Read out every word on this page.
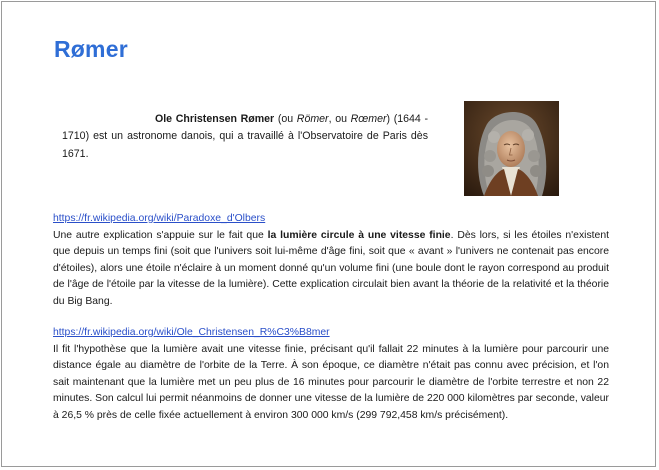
Rømer

Ole Christensen Rømer (ou Römer, ou Rœmer) (1644 - 1710) est un astronome danois, qui a travaillé à l'Observatoire de Paris dès 1671.

https://fr.wikipedia.org/wiki/Paradoxe_d'Olbers

Une autre explication s'appuie sur le fait que la lumière circule à une vitesse finie. Dès lors, si les étoiles n'existent que depuis un temps fini (soit que l'univers soit lui-même d'âge fini, soit que « avant » l'univers ne contenait pas encore d'étoiles), alors une étoile n'éclaire à un moment donné qu'un volume fini (une boule dont le rayon correspond au produit de l'âge de l'étoile par la vitesse de la lumière). Cette explication circulait bien avant la théorie de la relativité et la théorie du Big Bang.

https://fr.wikipedia.org/wiki/Ole_Christensen_R%C3%B8mer

Il fit l'hypothèse que la lumière avait une vitesse finie, précisant qu'il fallait 22 minutes à la lumière pour parcourir une distance égale au diamètre de l'orbite de la Terre. À son époque, ce diamètre n'était pas connu avec précision, et l'on sait maintenant que la lumière met un peu plus de 16 minutes pour parcourir le diamètre de l'orbite terrestre et non 22 minutes. Son calcul lui permit néanmoins de donner une vitesse de la lumière de 220 000 kilomètres par seconde, valeur à 26,5 % près de celle fixée actuellement à environ 300 000 km/s (299 792,458 km/s précisément).
